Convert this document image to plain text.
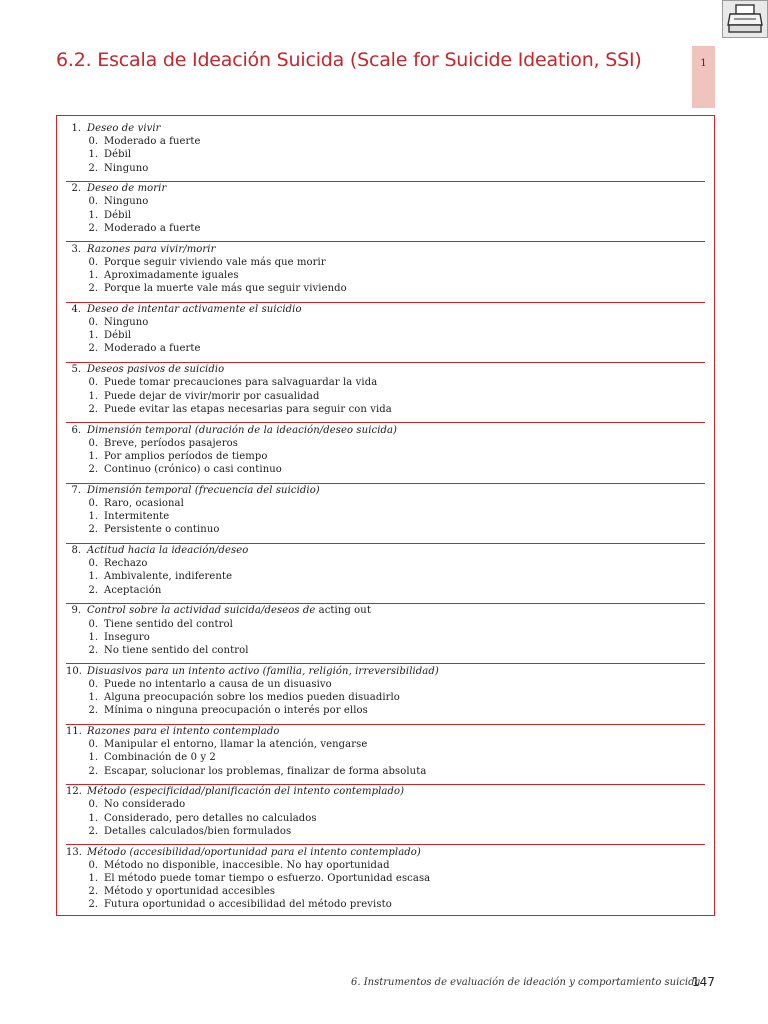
6.2. Escala de Ideación Suicida (Scale for Suicide Ideation, SSI)	1
1. Deseo de vivir
0. Moderado a fuerte
1. Débil
2. Ninguno
2. Deseo de morir
0. Ninguno
1. Débil
2. Moderado a fuerte
3. Razones para vivir/morir
0. Porque seguir viviendo vale más que morir
1. Aproximadamente iguales
2. Porque la muerte vale más que seguir viviendo
4. Deseo de intentar activamente el suicidio
0. Ninguno
1. Débil
2. Moderado a fuerte
5. Deseos pasivos de suicidio
0. Puede tomar precauciones para salvaguardar la vida
1. Puede dejar de vivir/morir por casualidad
2. Puede evitar las etapas necesarias para seguir con vida
6. Dimensión temporal (duración de la ideación/deseo suicida)
0. Breve, períodos pasajeros
1. Por amplios períodos de tiempo
2. Continuo (crónico) o casi continuo
7. Dimensión temporal (frecuencia del suicidio)
0. Raro, ocasional
1. Intermitente
2. Persistente o continuo
8. Actitud hacia la ideación/deseo
0. Rechazo
1. Ambivalente, indiferente
2. Aceptación
9. Control sobre la actividad suicida/deseos de acting out
0. Tiene sentido del control
1. Inseguro
2. No tiene sentido del control
10. Disuasivos para un intento activo (familia, religión, irreversibilidad)
0. Puede no intentarlo a causa de un disuasivo
1. Alguna preocupación sobre los medios pueden disuadirlo
2. Mínima o ninguna preocupación o interés por ellos
11. Razones para el intento contemplado
0. Manipular el entorno, llamar la atención, vengarse
1. Combinación de 0 y 2
2. Escapar, solucionar los problemas, finalizar de forma absoluta
12. Método (especificidad/planificación del intento contemplado)
0. No considerado
1. Considerado, pero detalles no calculados
2. Detalles calculados/bien formulados
13. Método (accesibilidad/oportunidad para el intento contemplado)
0. Método no disponible, inaccesible. No hay oportunidad
1. El método puede tomar tiempo o esfuerzo. Oportunidad escasa
2. Método y oportunidad accesibles
2. Futura oportunidad o accesibilidad del método previsto
6. Instrumentos de evaluación de ideación y comportamiento suicida
147
